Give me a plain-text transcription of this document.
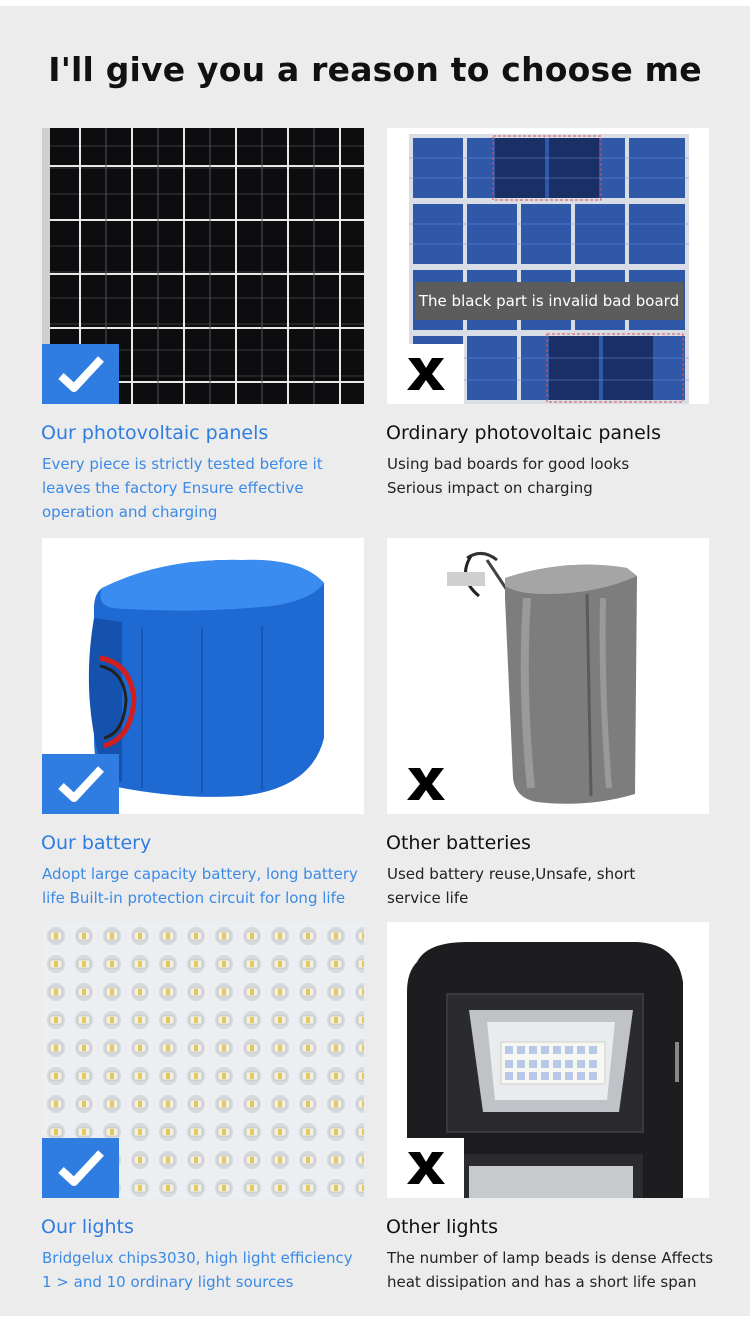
I'll give you a reason to choose me
The black part is invalid bad board
Our photovoltaic panels	Ordinary photovoltaic panels
Every piece is strictly tested before it
leaves the factory Ensure effective
operation and charging
Using bad boards for good looks
Serious impact on charging
Our battery	Other batteries
Adopt large capacity battery, long battery
life Built-in protection circuit for long life
Used battery reuse,Unsafe, short
service life
Our lights	Other lights
Bridgelux chips3030, high light efficiency
1 > and 10 ordinary light sources
The number of lamp beads is dense Affects
heat dissipation and has a short life span
